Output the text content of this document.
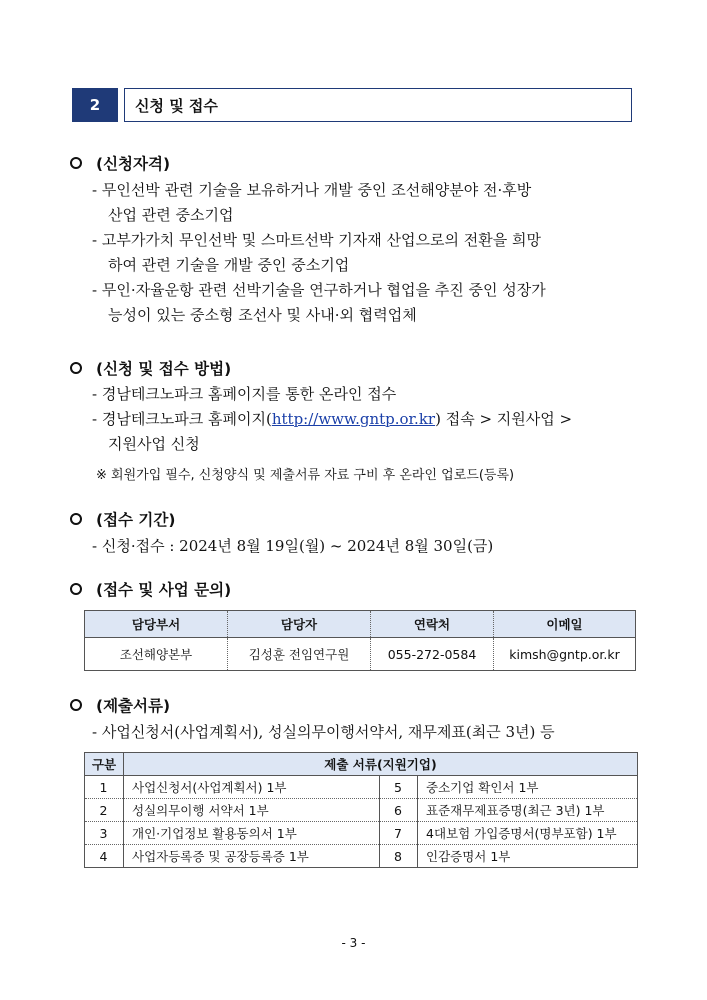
2	신청 및 접수
(신청자격)
- 무인선박 관련 기술을 보유하거나 개발 중인 조선해양분야 전·후방
산업 관련 중소기업
- 고부가가치 무인선박 및 스마트선박 기자재 산업으로의 전환을 희망
하여 관련 기술을 개발 중인 중소기업
- 무인·자율운항 관련 선박기술을 연구하거나 협업을 추진 중인 성장가
능성이 있는 중소형 조선사 및 사내·외 협력업체
(신청 및 접수 방법)
- 경남테크노파크 홈페이지를 통한 온라인 접수
- 경남테크노파크 홈페이지(http://www.gntp.or.kr) 접속 > 지원사업 >
지원사업 신청
※ 회원가입 필수, 신청양식 및 제출서류 자료 구비 후 온라인 업로드(등록)
(접수 기간)
- 신청·접수 : 2024년 8월 19일(월) ~ 2024년 8월 30일(금)
(접수 및 사업 문의)
담당부서	담당자	연락처	이메일
조선해양본부	김성훈 전임연구원	055-272-0584	kimsh@gntp.or.kr
(제출서류)
- 사업신청서(사업계획서), 성실의무이행서약서, 재무제표(최근 3년) 등
구분	제출 서류(지원기업)		
1	사업신청서(사업계획서) 1부	5	중소기업 확인서 1부
2	성실의무이행 서약서 1부	6	표준재무제표증명(최근 3년) 1부
3	개인·기업정보 활용동의서 1부	7	4대보험 가입증명서(명부포함) 1부
4	사업자등록증 및 공장등록증 1부	8	인감증명서 1부
- 3 -
